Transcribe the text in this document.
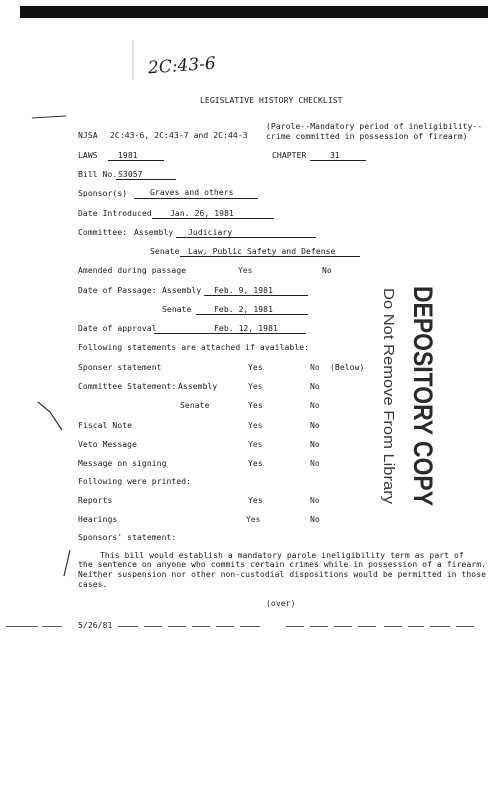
2C:43-6
LEGISLATIVE HISTORY CHECKLIST
NJSA 2C:43-6, 2C:43-7 and 2C:44-3
(Parole--Mandatory period of ineligibility--
crime committed in possession of firearm)
LAWS	1981	CHAPTER	31
Bill No. S3057
Sponsor(s)	Graves and others
Date Introduced Jan. 26, 1981
Committee: Assembly Judiciary
Senate Law, Public Safety and Defense
Amended during passage	Yes	No
Date of Passage: Assembly Feb. 9, 1981
Senate	Feb. 2, 1981
Date of approval	Feb. 12, 1981
Following statements are attached if available:
Sponser statement	Yes	No (Below)
Committee Statement: Assembly	Yes	No
Senate	Yes	No
Fiscal Note	Yes	No
Veto Message	Yes	No
Message on signing	Yes	No
Following were printed:
Reports	Yes	No
Hearings	Yes	No
Sponsors' statement:
This bill would establish a mandatory parole ineligibility term as part of
the sentence on anyone who commits certain crimes while in possession of a firearm.
Neither suspension nor other non-custodial dispositions would be permitted in those
cases.
(over)
5/26/81
DEPOSITORY COPY
Do Not Remove From Library
